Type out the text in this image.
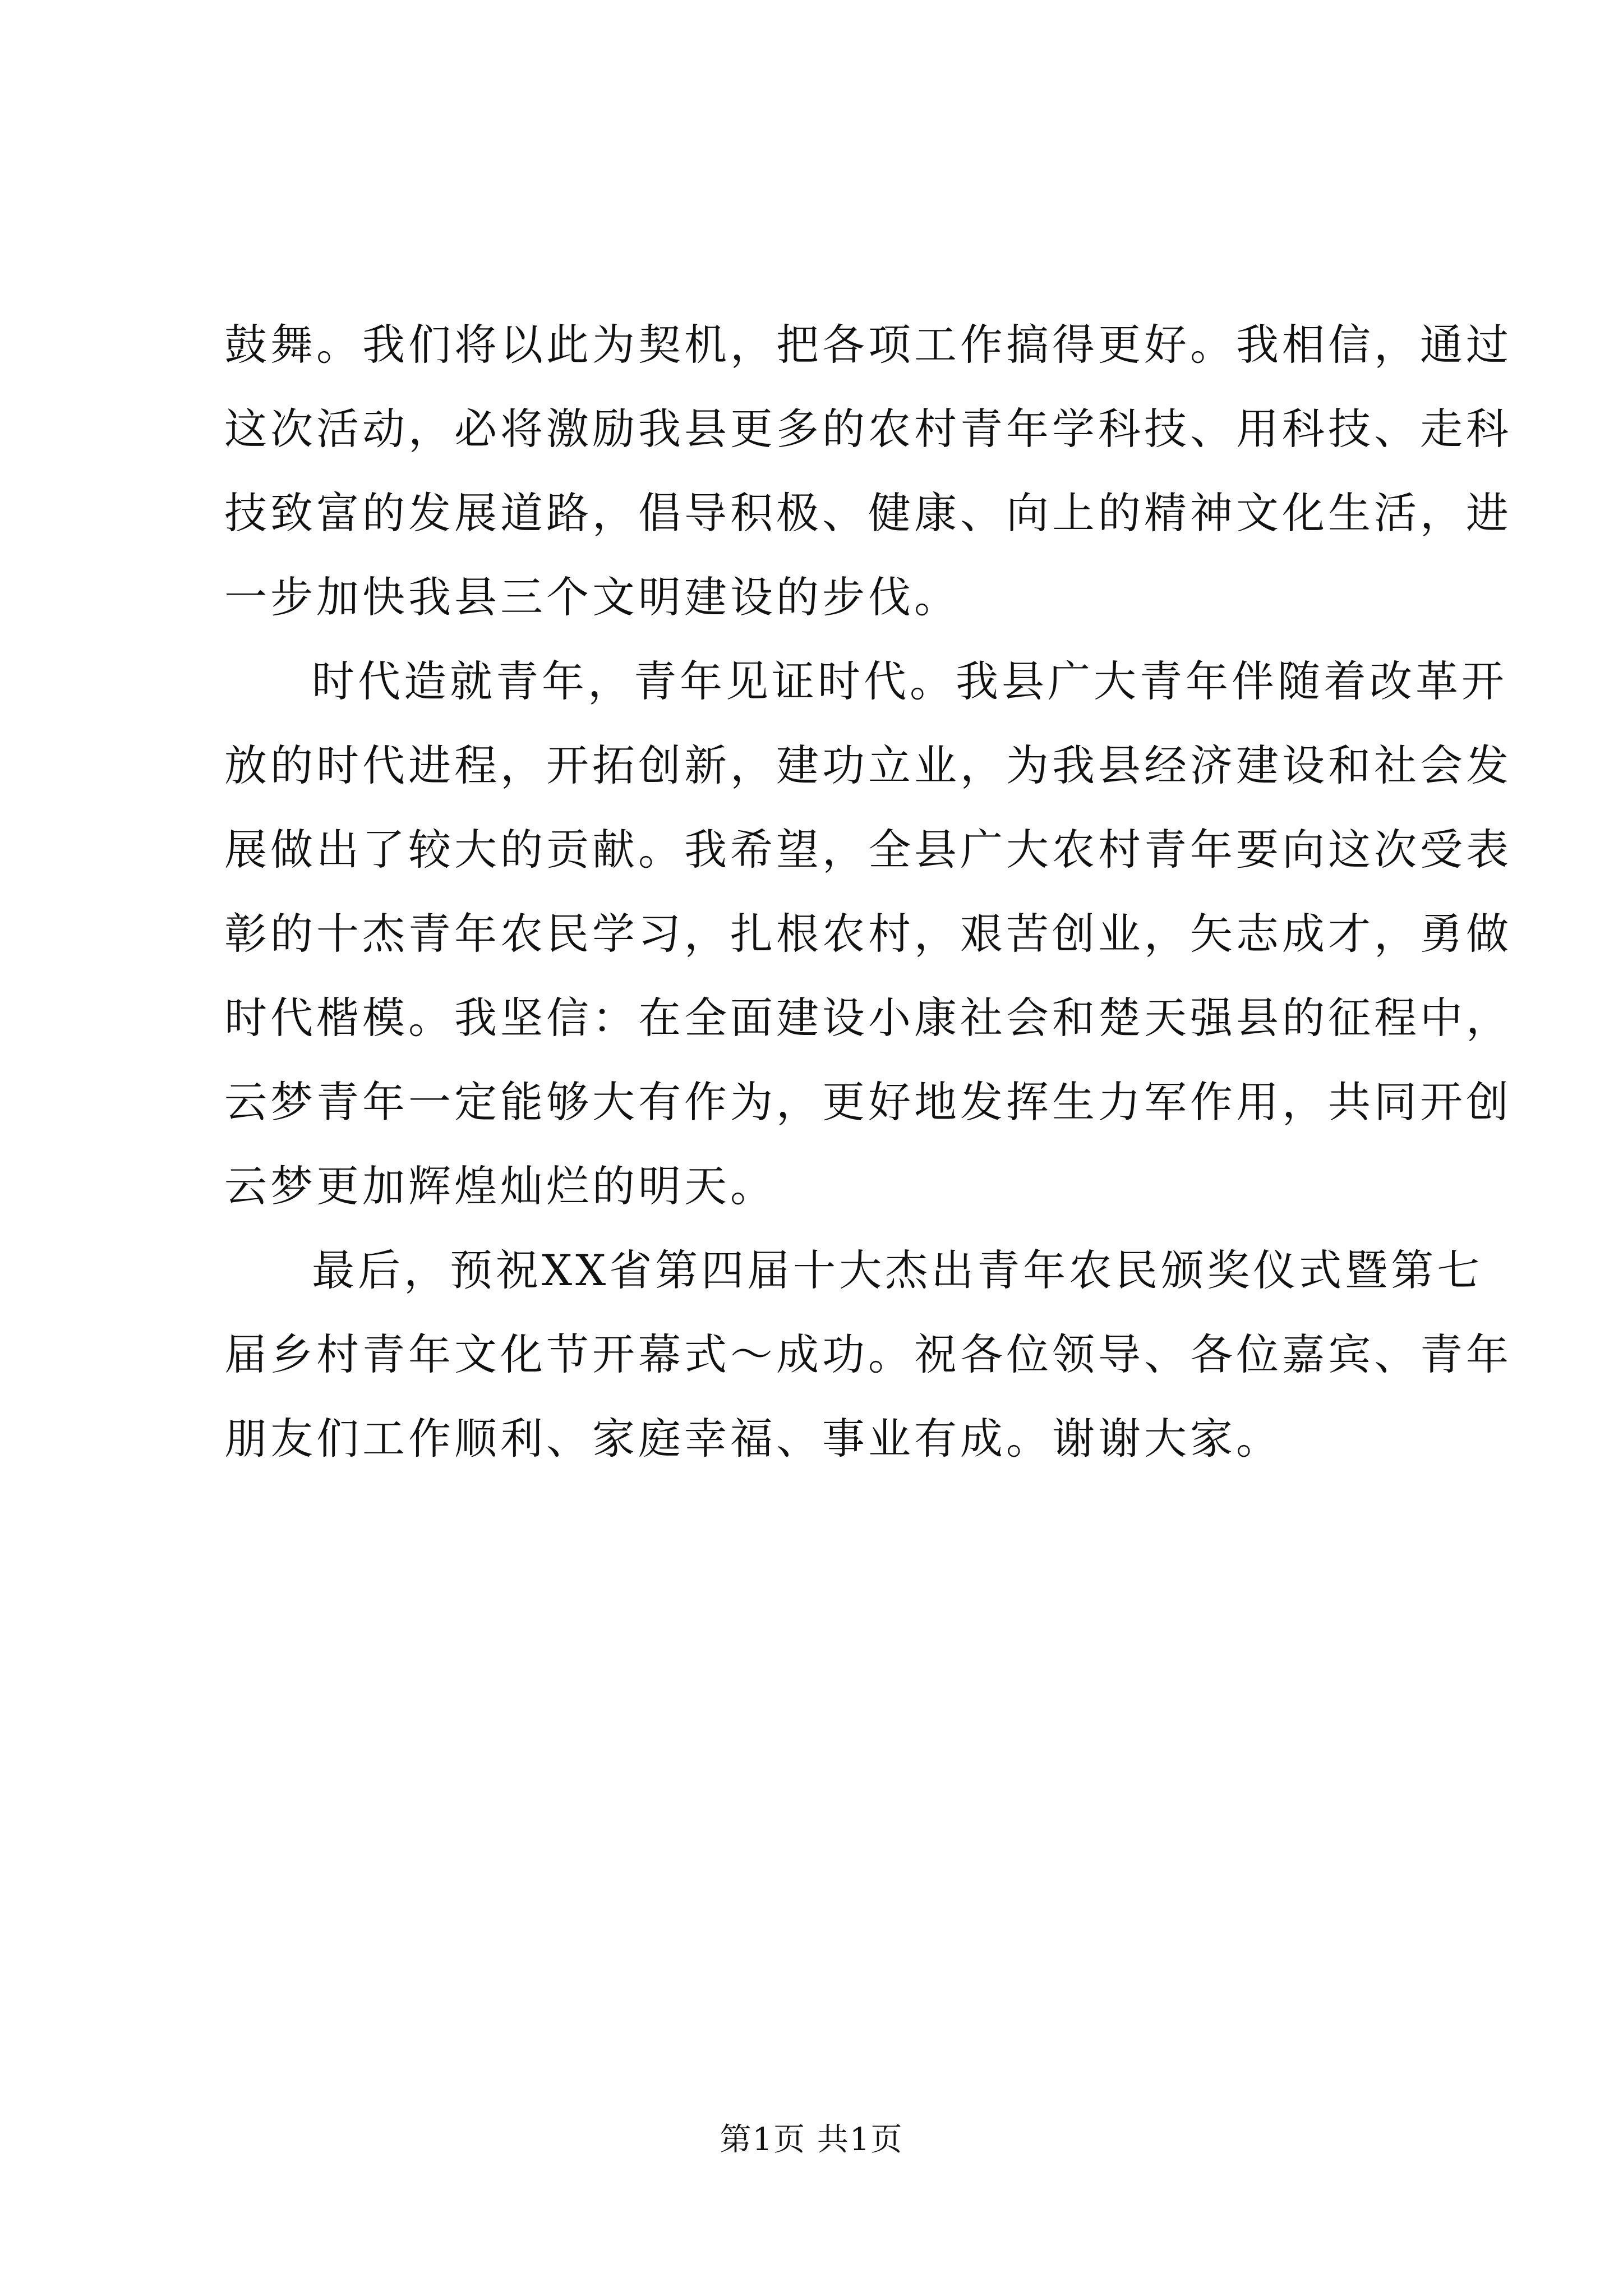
鼓舞。我们将以此为契机，把各项工作搞得更好。我相信，通过
这次活动，必将激励我县更多的农村青年学科技、用科技、走科
技致富的发展道路，倡导积极、健康、向上的精神文化生活，进
一步加快我县三个文明建设的步伐。

时代造就青年，青年见证时代。我县广大青年伴随着改革开
放的时代进程，开拓创新，建功立业，为我县经济建设和社会发
展做出了较大的贡献。我希望，全县广大农村青年要向这次受表
彰的十杰青年农民学习，扎根农村，艰苦创业，矢志成才，勇做
时代楷模。我坚信：在全面建设小康社会和楚天强县的征程中，
云梦青年一定能够大有作为，更好地发挥生力军作用，共同开创
云梦更加辉煌灿烂的明天。

最后，预祝XX省第四届十大杰出青年农民颁奖仪式暨第七
届乡村青年文化节开幕式～成功。祝各位领导、各位嘉宾、青年
朋友们工作顺利、家庭幸福、事业有成。谢谢大家。

第1页 共1页
